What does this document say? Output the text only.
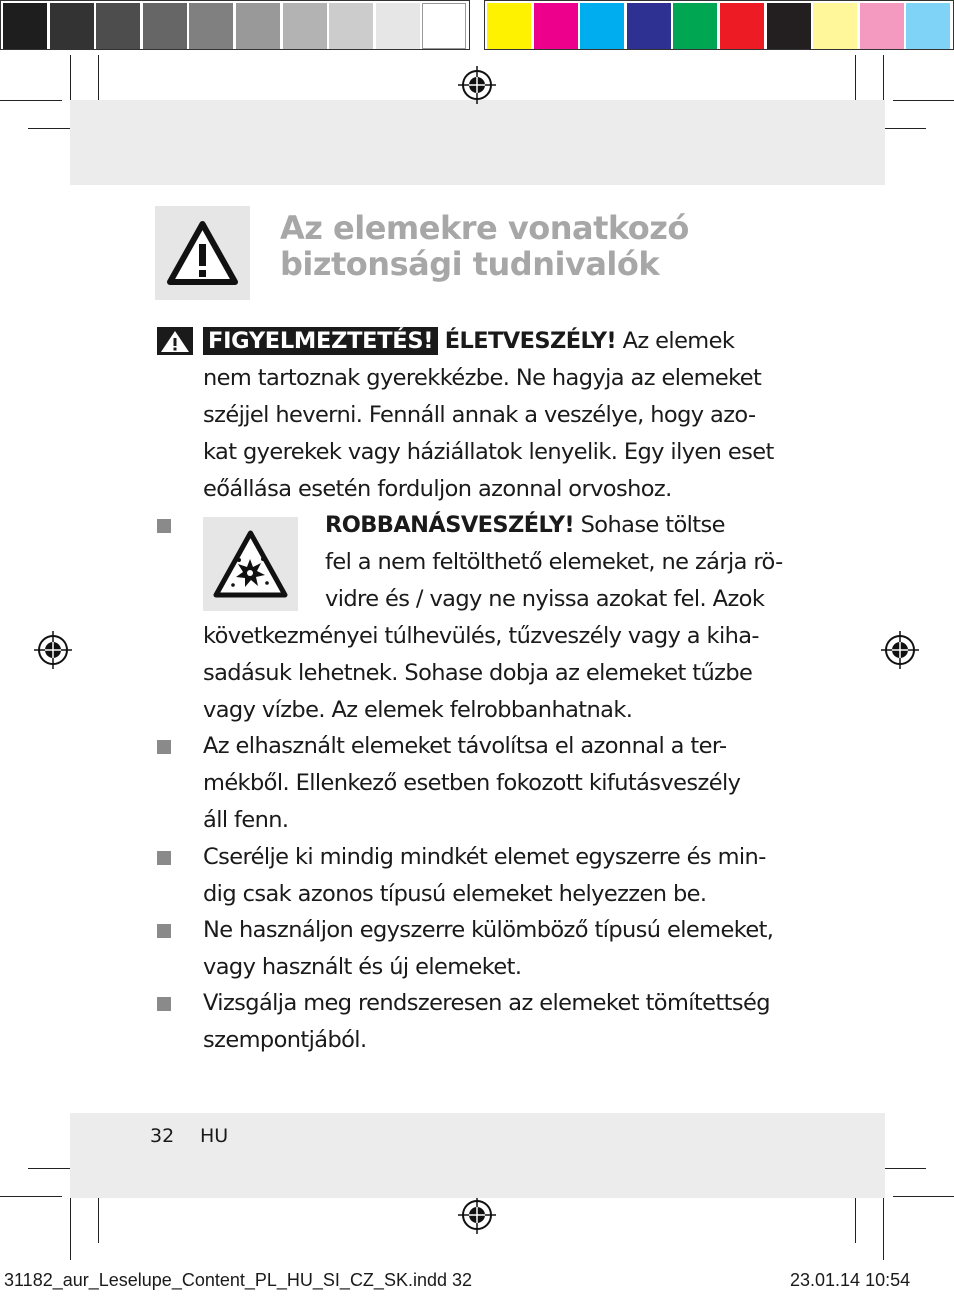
Az elemekre vonatkozó
biztonsági tudnivalók
FIGYELMEZTETÉS! ÉLETVESZÉLY! Az elemek
nem tartoznak gyerekkézbe. Ne hagyja az elemeket
széjjel heverni. Fennáll annak a veszélye, hogy azo-
kat gyerekek vagy háziállatok lenyelik. Egy ilyen eset
eőállása esetén forduljon azonnal orvoshoz.
ROBBANÁSVESZÉLY! Sohase töltse
fel a nem feltölthető elemeket, ne zárja rö-
vidre és / vagy ne nyissa azokat fel. Azok
következményei túlhevülés, tűzveszély vagy a kiha-
sadásuk lehetnek. Sohase dobja az elemeket tűzbe
vagy vízbe. Az elemek felrobbanhatnak.
Az elhasznált elemeket távolítsa el azonnal a ter-
mékből. Ellenkező esetben fokozott kifutásveszély
áll fenn.
Cserélje ki mindig mindkét elemet egyszerre és min-
dig csak azonos típusú elemeket helyezzen be.
Ne használjon egyszerre külömböző típusú elemeket,
vagy használt és új elemeket.
Vizsgálja meg rendszeresen az elemeket tömítettség
szempontjából.
32 HU
31182_aur_Leselupe_Content_PL_HU_SI_CZ_SK.indd 32	23.01.14 10:54
